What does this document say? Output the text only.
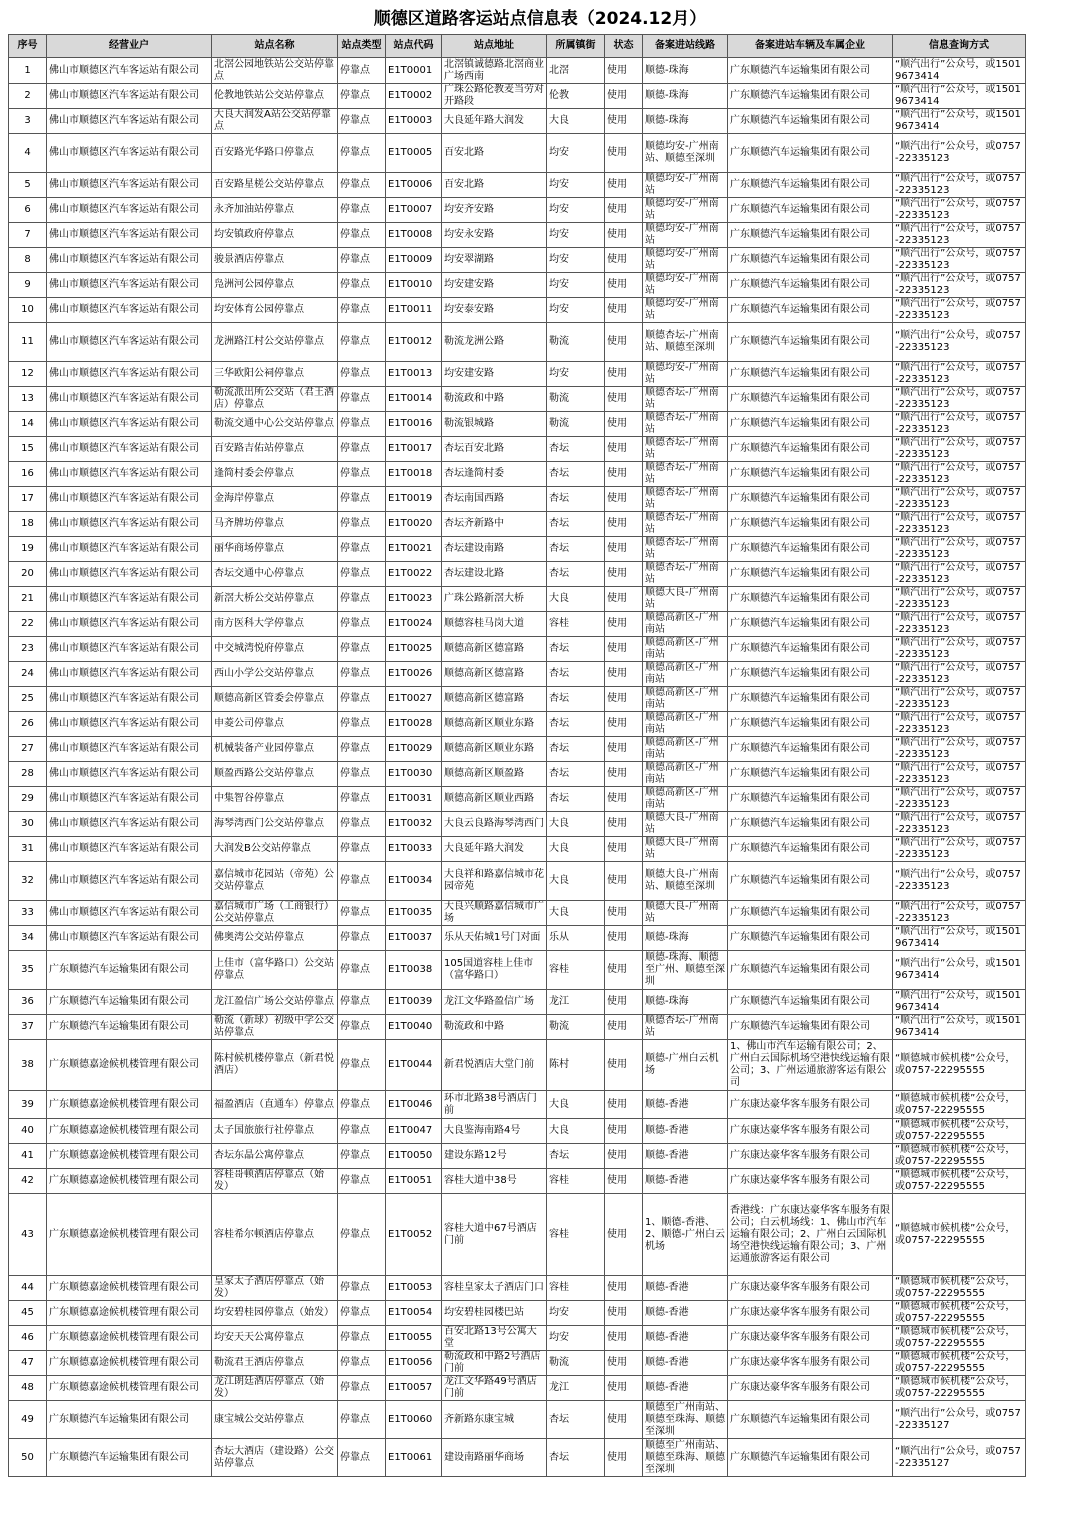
顺德区道路客运站点信息表（2024.12月）
序号	经营业户	站点名称	站点类型	站点代码	站点地址	所属镇街	状态	备案进站线路	备案进站车辆及车属企业	信息查询方式
1	佛山市顺德区汽车客运站有限公司	北滘公园地铁站公交站停靠点	停靠点	E1T0001	北滘镇诚德路北滘商业广场西南	北滘	使用	顺德-珠海	广东顺德汽车运输集团有限公司	“顺汽出行”公众号，或15019673414
2	佛山市顺德区汽车客运站有限公司	伦教地铁站公交站停靠点	停靠点	E1T0002	广珠公路伦教麦当劳对开路段	伦教	使用	顺德-珠海	广东顺德汽车运输集团有限公司	“顺汽出行”公众号，或15019673414
3	佛山市顺德区汽车客运站有限公司	大良大润发A站公交站停靠点	停靠点	E1T0003	大良延年路大润发	大良	使用	顺德-珠海	广东顺德汽车运输集团有限公司	“顺汽出行”公众号，或15019673414
4	佛山市顺德区汽车客运站有限公司	百安路光华路口停靠点	停靠点	E1T0005	百安北路	均安	使用	顺德均安-广州南站、顺德至深圳	广东顺德汽车运输集团有限公司	“顺汽出行”公众号，或0757-22335123
5	佛山市顺德区汽车客运站有限公司	百安路星槎公交站停靠点	停靠点	E1T0006	百安北路	均安	使用	顺德均安-广州南站	广东顺德汽车运输集团有限公司	“顺汽出行”公众号，或0757-22335123
6	佛山市顺德区汽车客运站有限公司	永齐加油站停靠点	停靠点	E1T0007	均安齐安路	均安	使用	顺德均安-广州南站	广东顺德汽车运输集团有限公司	“顺汽出行”公众号，或0757-22335123
7	佛山市顺德区汽车客运站有限公司	均安镇政府停靠点	停靠点	E1T0008	均安永安路	均安	使用	顺德均安-广州南站	广东顺德汽车运输集团有限公司	“顺汽出行”公众号，或0757-22335123
8	佛山市顺德区汽车客运站有限公司	骏景酒店停靠点	停靠点	E1T0009	均安翠湖路	均安	使用	顺德均安-广州南站	广东顺德汽车运输集团有限公司	“顺汽出行”公众号，或0757-22335123
9	佛山市顺德区汽车客运站有限公司	凫洲河公园停靠点	停靠点	E1T0010	均安建安路	均安	使用	顺德均安-广州南站	广东顺德汽车运输集团有限公司	“顺汽出行”公众号，或0757-22335123
10	佛山市顺德区汽车客运站有限公司	均安体育公园停靠点	停靠点	E1T0011	均安泰安路	均安	使用	顺德均安-广州南站	广东顺德汽车运输集团有限公司	“顺汽出行”公众号，或0757-22335123
11	佛山市顺德区汽车客运站有限公司	龙洲路江村公交站停靠点	停靠点	E1T0012	勒流龙洲公路	勒流	使用	顺德杏坛-广州南站、顺德至深圳	广东顺德汽车运输集团有限公司	“顺汽出行”公众号，或0757-22335123
12	佛山市顺德区汽车客运站有限公司	三华欧阳公祠停靠点	停靠点	E1T0013	均安建安路	均安	使用	顺德均安-广州南站	广东顺德汽车运输集团有限公司	“顺汽出行”公众号，或0757-22335123
13	佛山市顺德区汽车客运站有限公司	勒流派出所公交站（君王酒店）停靠点	停靠点	E1T0014	勒流政和中路	勒流	使用	顺德杏坛-广州南站	广东顺德汽车运输集团有限公司	“顺汽出行”公众号，或0757-22335123
14	佛山市顺德区汽车客运站有限公司	勒流交通中心公交站停靠点	停靠点	E1T0016	勒流银城路	勒流	使用	顺德杏坛-广州南站	广东顺德汽车运输集团有限公司	“顺汽出行”公众号，或0757-22335123
15	佛山市顺德区汽车客运站有限公司	百安路吉佑站停靠点	停靠点	E1T0017	杏坛百安北路	杏坛	使用	顺德杏坛-广州南站	广东顺德汽车运输集团有限公司	“顺汽出行”公众号，或0757-22335123
16	佛山市顺德区汽车客运站有限公司	逢简村委会停靠点	停靠点	E1T0018	杏坛逢简村委	杏坛	使用	顺德杏坛-广州南站	广东顺德汽车运输集团有限公司	“顺汽出行”公众号，或0757-22335123
17	佛山市顺德区汽车客运站有限公司	金海岸停靠点	停靠点	E1T0019	杏坛南国西路	杏坛	使用	顺德杏坛-广州南站	广东顺德汽车运输集团有限公司	“顺汽出行”公众号，或0757-22335123
18	佛山市顺德区汽车客运站有限公司	马齐牌坊停靠点	停靠点	E1T0020	杏坛齐新路中	杏坛	使用	顺德杏坛-广州南站	广东顺德汽车运输集团有限公司	“顺汽出行”公众号，或0757-22335123
19	佛山市顺德区汽车客运站有限公司	丽华商场停靠点	停靠点	E1T0021	杏坛建设南路	杏坛	使用	顺德杏坛-广州南站	广东顺德汽车运输集团有限公司	“顺汽出行”公众号，或0757-22335123
20	佛山市顺德区汽车客运站有限公司	杏坛交通中心停靠点	停靠点	E1T0022	杏坛建设北路	杏坛	使用	顺德杏坛-广州南站	广东顺德汽车运输集团有限公司	“顺汽出行”公众号，或0757-22335123
21	佛山市顺德区汽车客运站有限公司	新滘大桥公交站停靠点	停靠点	E1T0023	广珠公路新滘大桥	大良	使用	顺德大良-广州南站	广东顺德汽车运输集团有限公司	“顺汽出行”公众号，或0757-22335123
22	佛山市顺德区汽车客运站有限公司	南方医科大学停靠点	停靠点	E1T0024	顺德容桂马岗大道	容桂	使用	顺德高新区-广州南站	广东顺德汽车运输集团有限公司	“顺汽出行”公众号，或0757-22335123
23	佛山市顺德区汽车客运站有限公司	中交城湾悦府停靠点	停靠点	E1T0025	顺德高新区德富路	杏坛	使用	顺德高新区-广州南站	广东顺德汽车运输集团有限公司	“顺汽出行”公众号，或0757-22335123
24	佛山市顺德区汽车客运站有限公司	西山小学公交站停靠点	停靠点	E1T0026	顺德高新区德富路	杏坛	使用	顺德高新区-广州南站	广东顺德汽车运输集团有限公司	“顺汽出行”公众号，或0757-22335123
25	佛山市顺德区汽车客运站有限公司	顺德高新区管委会停靠点	停靠点	E1T0027	顺德高新区德富路	杏坛	使用	顺德高新区-广州南站	广东顺德汽车运输集团有限公司	“顺汽出行”公众号，或0757-22335123
26	佛山市顺德区汽车客运站有限公司	申菱公司停靠点	停靠点	E1T0028	顺德高新区顺业东路	杏坛	使用	顺德高新区-广州南站	广东顺德汽车运输集团有限公司	“顺汽出行”公众号，或0757-22335123
27	佛山市顺德区汽车客运站有限公司	机械装备产业园停靠点	停靠点	E1T0029	顺德高新区顺业东路	杏坛	使用	顺德高新区-广州南站	广东顺德汽车运输集团有限公司	“顺汽出行”公众号，或0757-22335123
28	佛山市顺德区汽车客运站有限公司	顺盈西路公交站停靠点	停靠点	E1T0030	顺德高新区顺盈路	杏坛	使用	顺德高新区-广州南站	广东顺德汽车运输集团有限公司	“顺汽出行”公众号，或0757-22335123
29	佛山市顺德区汽车客运站有限公司	中集智谷停靠点	停靠点	E1T0031	顺德高新区顺业西路	杏坛	使用	顺德高新区-广州南站	广东顺德汽车运输集团有限公司	“顺汽出行”公众号，或0757-22335123
30	佛山市顺德区汽车客运站有限公司	海琴湾西门公交站停靠点	停靠点	E1T0032	大良云良路海琴湾西门	大良	使用	顺德大良-广州南站	广东顺德汽车运输集团有限公司	“顺汽出行”公众号，或0757-22335123
31	佛山市顺德区汽车客运站有限公司	大润发B公交站停靠点	停靠点	E1T0033	大良延年路大润发	大良	使用	顺德大良-广州南站	广东顺德汽车运输集团有限公司	“顺汽出行”公众号，或0757-22335123
32	佛山市顺德区汽车客运站有限公司	嘉信城市花园站（帝苑）公交站停靠点	停靠点	E1T0034	大良祥和路嘉信城市花园帝苑	大良	使用	顺德大良-广州南站、顺德至深圳	广东顺德汽车运输集团有限公司	“顺汽出行”公众号，或0757-22335123
33	佛山市顺德区汽车客运站有限公司	嘉信城市广场（工商银行）公交站停靠点	停靠点	E1T0035	大良兴顺路嘉信城市广场	大良	使用	顺德大良-广州南站	广东顺德汽车运输集团有限公司	“顺汽出行”公众号，或0757-22335123
34	佛山市顺德区汽车客运站有限公司	佛奥湾公交站停靠点	停靠点	E1T0037	乐从天佑城1号门对面	乐从	使用	顺德-珠海	广东顺德汽车运输集团有限公司	“顺汽出行”公众号，或15019673414
35	广东顺德汽车运输集团有限公司	上佳市（富华路口）公交站停靠点	停靠点	E1T0038	105国道容桂上佳市（富华路口）	容桂	使用	顺德-珠海、顺德至广州、顺德至深圳	广东顺德汽车运输集团有限公司	“顺汽出行”公众号，或15019673414
36	广东顺德汽车运输集团有限公司	龙江盈信广场公交站停靠点	停靠点	E1T0039	龙江文华路盈信广场	龙江	使用	顺德-珠海	广东顺德汽车运输集团有限公司	“顺汽出行”公众号，或15019673414
37	广东顺德汽车运输集团有限公司	勒流（新球）初级中学公交站停靠点	停靠点	E1T0040	勒流政和中路	勒流	使用	顺德杏坛-广州南站	广东顺德汽车运输集团有限公司	“顺汽出行”公众号，或15019673414
38	广东顺德嘉途候机楼管理有限公司	陈村候机楼停靠点（新君悦酒店）	停靠点	E1T0044	新君悦酒店大堂门前	陈村	使用	顺德-广州白云机场	1、佛山市汽车运输有限公司；2、广州白云国际机场空港快线运输有限公司；3、广州运通旅游客运有限公司	“顺德城市候机楼”公众号，或0757-22295555
39	广东顺德嘉途候机楼管理有限公司	福盈酒店（直通车）停靠点	停靠点	E1T0046	环市北路38号酒店门前	大良	使用	顺德-香港	广东康达豪华客车服务有限公司	“顺德城市候机楼”公众号，或0757-22295555
40	广东顺德嘉途候机楼管理有限公司	太子国旅旅行社停靠点	停靠点	E1T0047	大良鉴海南路4号	大良	使用	顺德-香港	广东康达豪华客车服务有限公司	“顺德城市候机楼”公众号，或0757-22295555
41	广东顺德嘉途候机楼管理有限公司	杏坛东晶公寓停靠点	停靠点	E1T0050	建设东路12号	杏坛	使用	顺德-香港	广东康达豪华客车服务有限公司	“顺德城市候机楼”公众号，或0757-22295555
42	广东顺德嘉途候机楼管理有限公司	容桂哥顿酒店停靠点（始发）	停靠点	E1T0051	容桂大道中38号	容桂	使用	顺德-香港	广东康达豪华客车服务有限公司	“顺德城市候机楼”公众号，或0757-22295555
43	广东顺德嘉途候机楼管理有限公司	容桂希尔顿酒店停靠点	停靠点	E1T0052	容桂大道中67号酒店门前	容桂	使用	1、顺德-香港、2、顺德-广州白云机场	香港线：广东康达豪华客车服务有限公司；白云机场线：1、佛山市汽车运输有限公司；2、广州白云国际机场空港快线运输有限公司；3、广州运通旅游客运有限公司	“顺德城市候机楼”公众号，或0757-22295555
44	广东顺德嘉途候机楼管理有限公司	皇家太子酒店停靠点（始发）	停靠点	E1T0053	容桂皇家太子酒店门口	容桂	使用	顺德-香港	广东康达豪华客车服务有限公司	“顺德城市候机楼”公众号，或0757-22295555
45	广东顺德嘉途候机楼管理有限公司	均安碧桂园停靠点（始发）	停靠点	E1T0054	均安碧桂园楼巴站	均安	使用	顺德-香港	广东康达豪华客车服务有限公司	“顺德城市候机楼”公众号，或0757-22295555
46	广东顺德嘉途候机楼管理有限公司	均安天天公寓停靠点	停靠点	E1T0055	百安北路13号公寓大堂	均安	使用	顺德-香港	广东康达豪华客车服务有限公司	“顺德城市候机楼”公众号，或0757-22295555
47	广东顺德嘉途候机楼管理有限公司	勒流君王酒店停靠点	停靠点	E1T0056	勒流政和中路2号酒店门前	勒流	使用	顺德-香港	广东康达豪华客车服务有限公司	“顺德城市候机楼”公众号，或0757-22295555
48	广东顺德嘉途候机楼管理有限公司	龙江朗廷酒店停靠点（始发）	停靠点	E1T0057	龙江文华路49号酒店门前	龙江	使用	顺德-香港	广东康达豪华客车服务有限公司	“顺德城市候机楼”公众号，或0757-22295555
49	广东顺德汽车运输集团有限公司	康宝城公交站停靠点	停靠点	E1T0060	齐新路东康宝城	杏坛	使用	顺德至广州南站、顺德至珠海、顺德至深圳	广东顺德汽车运输集团有限公司	“顺汽出行”公众号，或0757-22335127
50	广东顺德汽车运输集团有限公司	杏坛大酒店（建设路）公交站停靠点	停靠点	E1T0061	建设南路丽华商场	杏坛	使用	顺德至广州南站、顺德至珠海、顺德至深圳	广东顺德汽车运输集团有限公司	“顺汽出行”公众号，或0757-22335127
